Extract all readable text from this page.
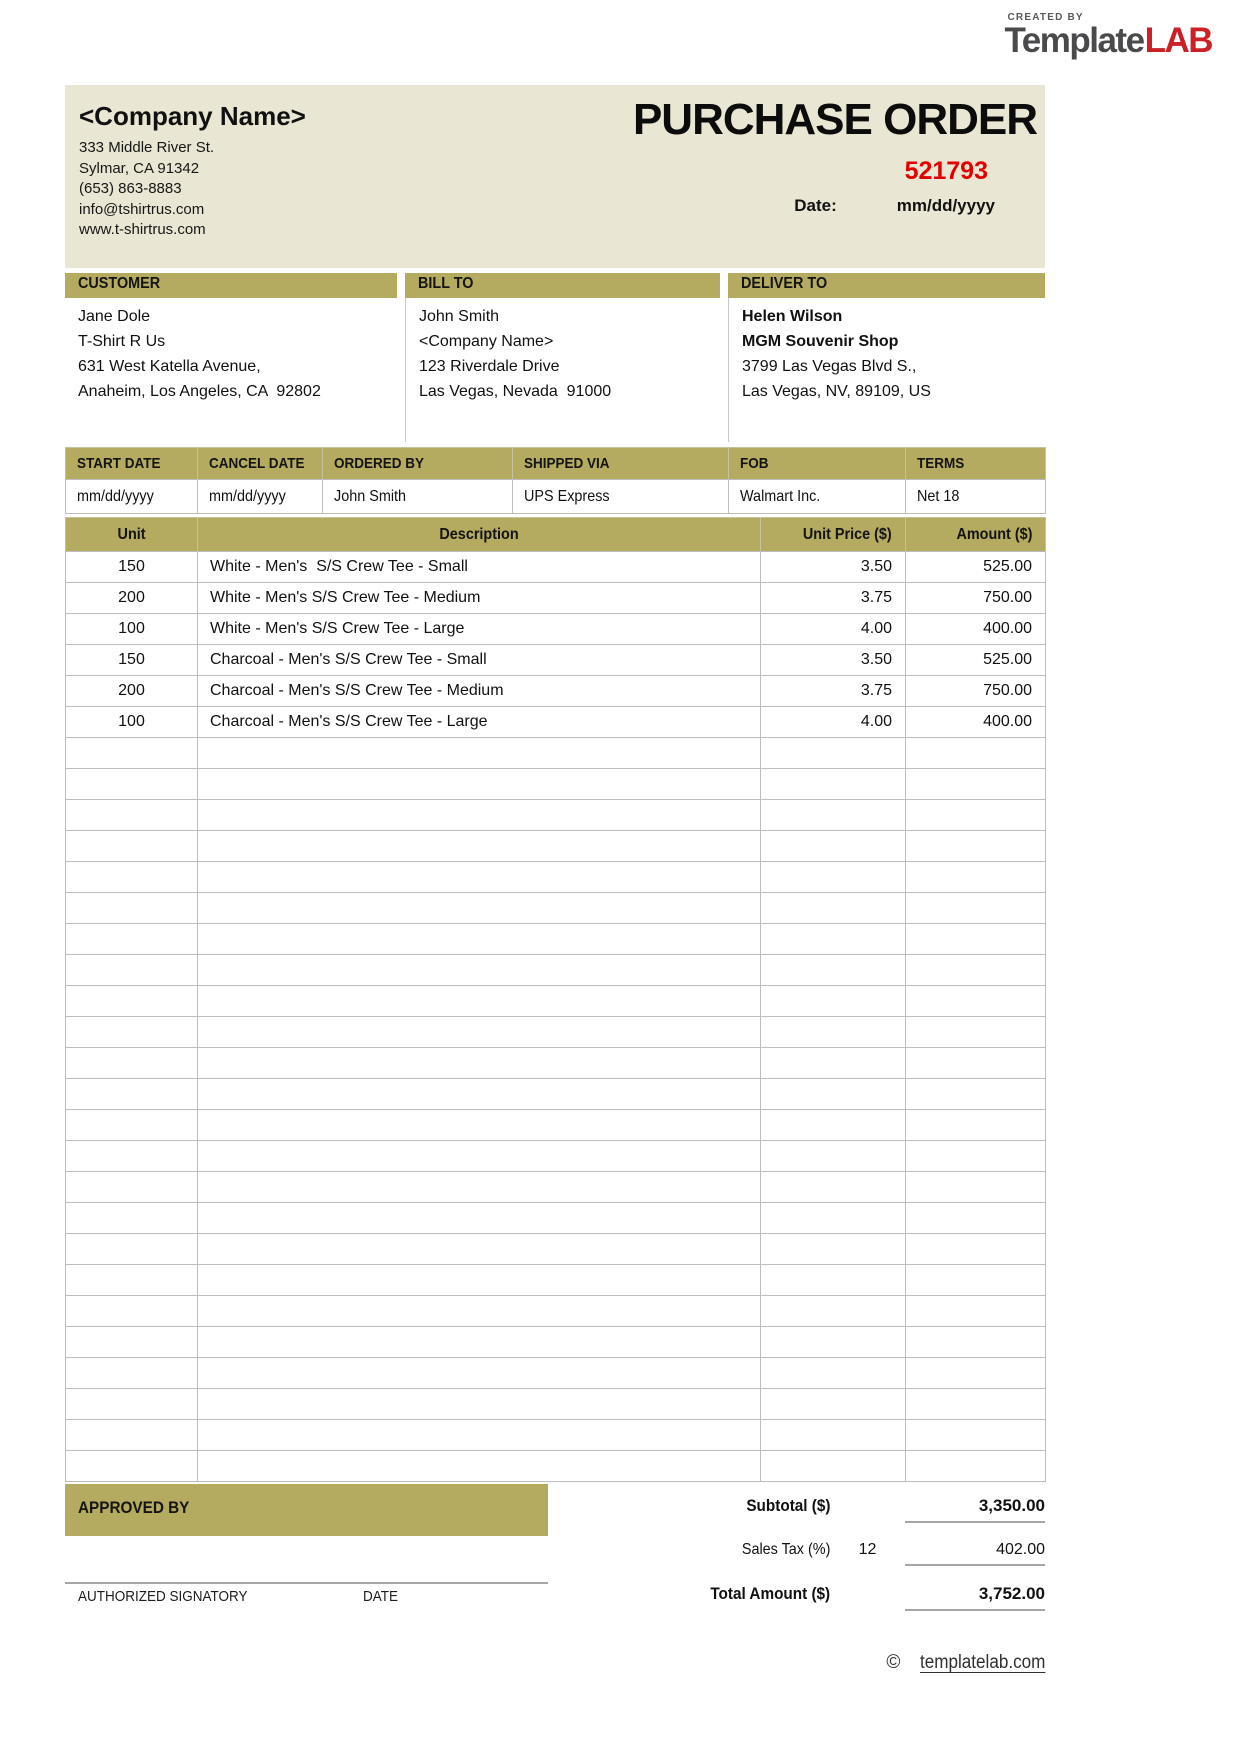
CREATED BY
TemplateLAB
<Company Name>
333 Middle River St.
Sylmar, CA 91342
(653) 863-8883
info@tshirtrus.com
www.t-shirtrus.com
PURCHASE ORDER
521793
Date:	mm/dd/yyyy
CUSTOMER
Jane Dole
T-Shirt R Us
631 West Katella Avenue,
Anaheim, Los Angeles, CA  92802
BILL TO
John Smith
<Company Name>
123 Riverdale Drive
Las Vegas, Nevada  91000
DELIVER TO
Helen Wilson
MGM Souvenir Shop
3799 Las Vegas Blvd S.,
Las Vegas, NV, 89109, US
START DATE	CANCEL DATE	ORDERED BY	SHIPPED VIA	FOB	TERMS
mm/dd/yyyy	mm/dd/yyyy	John Smith	UPS Express	Walmart Inc.	Net 18
Unit	Description	Unit Price ($)	Amount ($)
150	White - Men's  S/S Crew Tee - Small	3.50	525.00
200	White - Men's S/S Crew Tee - Medium	3.75	750.00
100	White - Men's S/S Crew Tee - Large	4.00	400.00
150	Charcoal - Men's S/S Crew Tee - Small	3.50	525.00
200	Charcoal - Men's S/S Crew Tee - Medium	3.75	750.00
100	Charcoal - Men's S/S Crew Tee - Large	4.00	400.00

APPROVED BY
AUTHORIZED SIGNATORY	DATE
Subtotal ($)	3,350.00
Sales Tax (%)	12	402.00
Total Amount ($)	3,752.00
© templatelab.com
